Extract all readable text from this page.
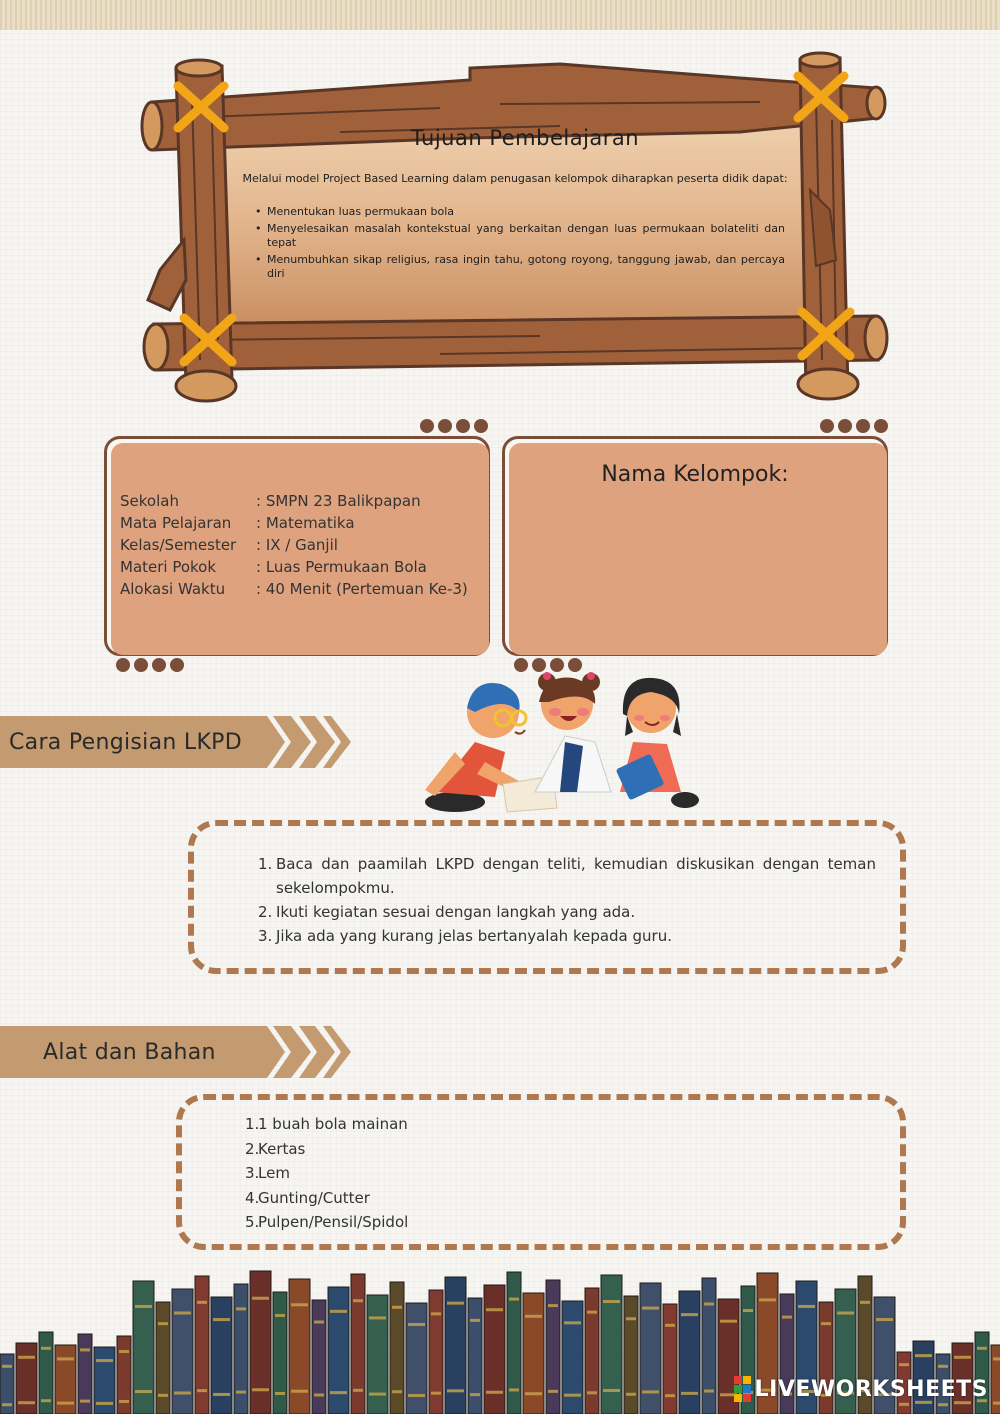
Tujuan Pembelajaran
Melalui model Project Based Learning dalam penugasan kelompok diharapkan peserta didik dapat:
• Menentukan luas permukaan bola
• Menyelesaikan masalah kontekstual yang berkaitan dengan luas permukaan bolateliti dan tepat
• Menumbuhkan sikap religius, rasa ingin tahu, gotong royong, tanggung jawab, dan percaya diri
Sekolah	: SMPN 23 Balikpapan
Mata Pelajaran	: Matematika
Kelas/Semester	: IX / Ganjil
Materi Pokok	: Luas Permukaan Bola
Alokasi Waktu	: 40 Menit (Pertemuan Ke-3)
Nama Kelompok:
Cara Pengisian LKPD
1. Baca dan paamilah LKPD dengan teliti, kemudian diskusikan dengan teman sekelompokmu.
2. Ikuti kegiatan sesuai dengan langkah yang ada.
3. Jika ada yang kurang jelas bertanyalah kepada guru.
Alat dan Bahan
1.
1 buah bola mainan
2.
Kertas
3.
Lem
4.
Gunting/Cutter
5.
Pulpen/Pensil/Spidol
LIVEWORKSHEETS
